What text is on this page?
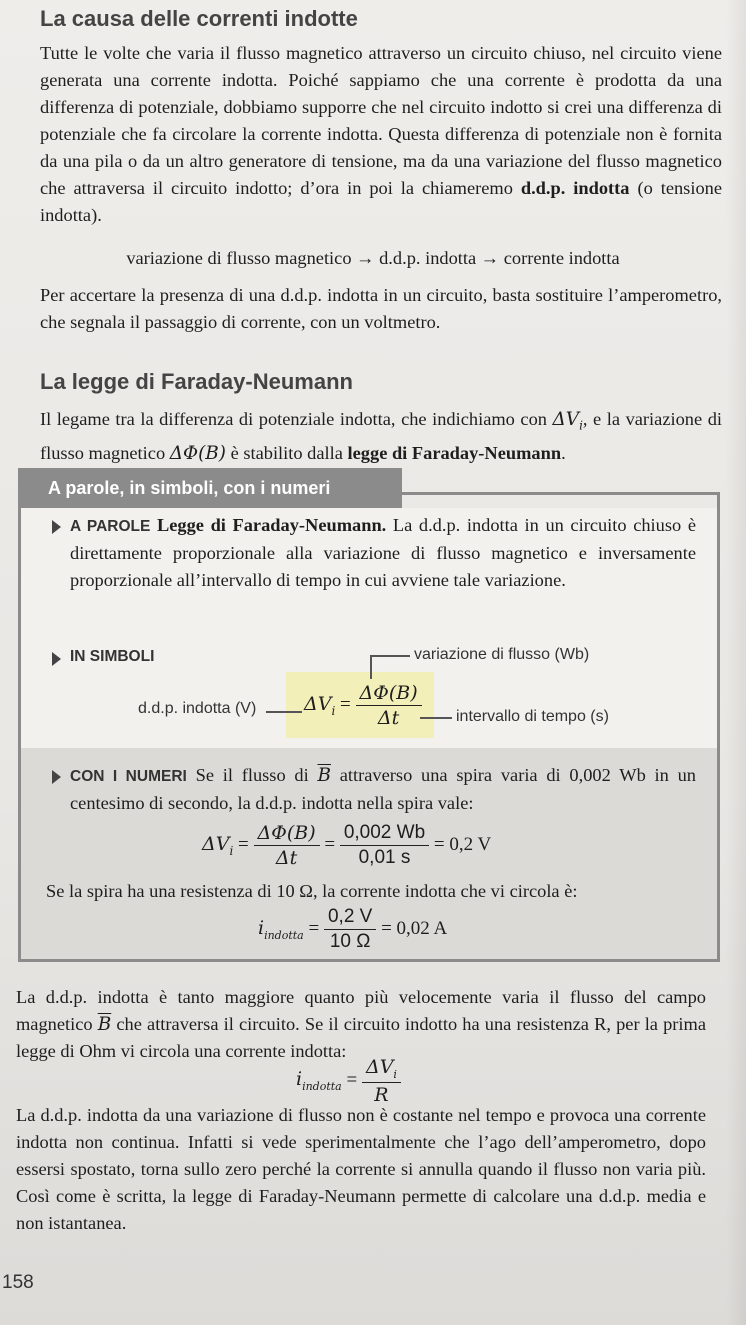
La causa delle correnti indotte

Tutte le volte che varia il flusso magnetico attraverso un circuito chiuso, nel circuito viene generata una corrente indotta. Poiché sappiamo che una corrente è prodotta da una differenza di potenziale, dobbiamo supporre che nel circuito indotto si crei una differenza di potenziale che fa circolare la corrente indotta. Questa differenza di potenziale non è fornita da una pila o da un altro generatore di tensione, ma da una variazione del flusso magnetico che attraversa il circuito indotto; d’ora in poi la chiameremo d.d.p. indotta (o tensione indotta).

variazione di flusso magnetico → d.d.p. indotta → corrente indotta

Per accertare la presenza di una d.d.p. indotta in un circuito, basta sostituire l’amperometro, che segnala il passaggio di corrente, con un voltmetro.

La legge di Faraday-Neumann

Il legame tra la differenza di potenziale indotta, che indichiamo con $\Delta V_i$, e la variazione di flusso magnetico ΔΦ(B) è stabilito dalla legge di Faraday-Neumann.

A parole, in simboli, con i numeri

A PAROLE Legge di Faraday-Neumann. La d.d.p. indotta in un circuito chiuso è direttamente proporzionale alla variazione di flusso magnetico e inversamente proporzionale all’intervallo di tempo in cui avviene tale variazione.

IN SIMBOLI	variazione di flusso (Wb)
d.d.p. indotta (V)	$\Delta V_i = \frac{\Delta\Phi(B)}{\Delta t}$ intervallo di tempo (s)

CON I NUMERI Se il flusso di $\overline{B}$ attraverso una spira varia di 0,002 Wb in un centesimo di secondo, la d.d.p. indotta nella spira vale:

$\Delta V_i = \frac{\Delta\Phi(B)}{\Delta t} = \frac{0,002 Wb}{0,01 s} = 0,2$ V

Se la spira ha una resistenza di 10 Ω, la corrente indotta che vi circola è:

$i_{indotta} = \frac{0,2 V}{10 \Omega} = 0,02$ A

La d.d.p. indotta è tanto maggiore quanto più velocemente varia il flusso del campo magnetico $\overline{B}$ che attraversa il circuito. Se il circuito indotto ha una resistenza R, per la prima legge di Ohm vi circola una corrente indotta:

$i_{indotta} = \frac{\Delta V_i}{R}$

La d.d.p. indotta da una variazione di flusso non è costante nel tempo e provoca una corrente indotta non continua. Infatti si vede sperimentalmente che l’ago dell’amperometro, dopo essersi spostato, torna sullo zero perché la corrente si annulla quando il flusso non varia più. Così come è scritta, la legge di Faraday-Neumann permette di calcolare una d.d.p. media e non istantanea.

158
